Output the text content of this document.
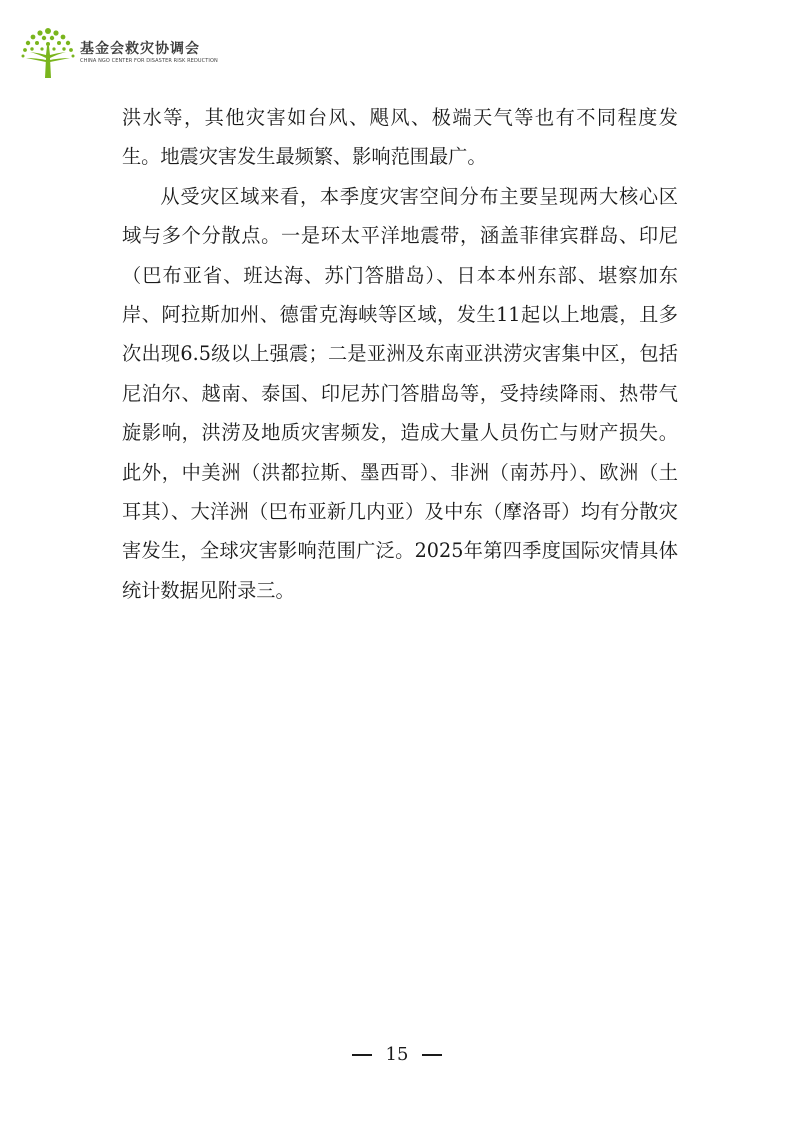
基金会救灾协调会
CHINA NGO CENTER FOR DISASTER RISK REDUCTION

洪水等，其他灾害如台风、飓风、极端天气等也有不同程度发生。地震灾害发生最频繁、影响范围最广。

从受灾区域来看，本季度灾害空间分布主要呈现两大核心区域与多个分散点。一是环太平洋地震带，涵盖菲律宾群岛、印尼（巴布亚省、班达海、苏门答腊岛）、日本本州东部、堪察加东岸、阿拉斯加州、德雷克海峡等区域，发生11起以上地震，且多次出现6.5级以上强震；二是亚洲及东南亚洪涝灾害集中区，包括尼泊尔、越南、泰国、印尼苏门答腊岛等，受持续降雨、热带气旋影响，洪涝及地质灾害频发，造成大量人员伤亡与财产损失。此外，中美洲（洪都拉斯、墨西哥）、非洲（南苏丹）、欧洲（土耳其）、大洋洲（巴布亚新几内亚）及中东（摩洛哥）均有分散灾害发生，全球灾害影响范围广泛。2025年第四季度国际灾情具体统计数据见附录三。

15
